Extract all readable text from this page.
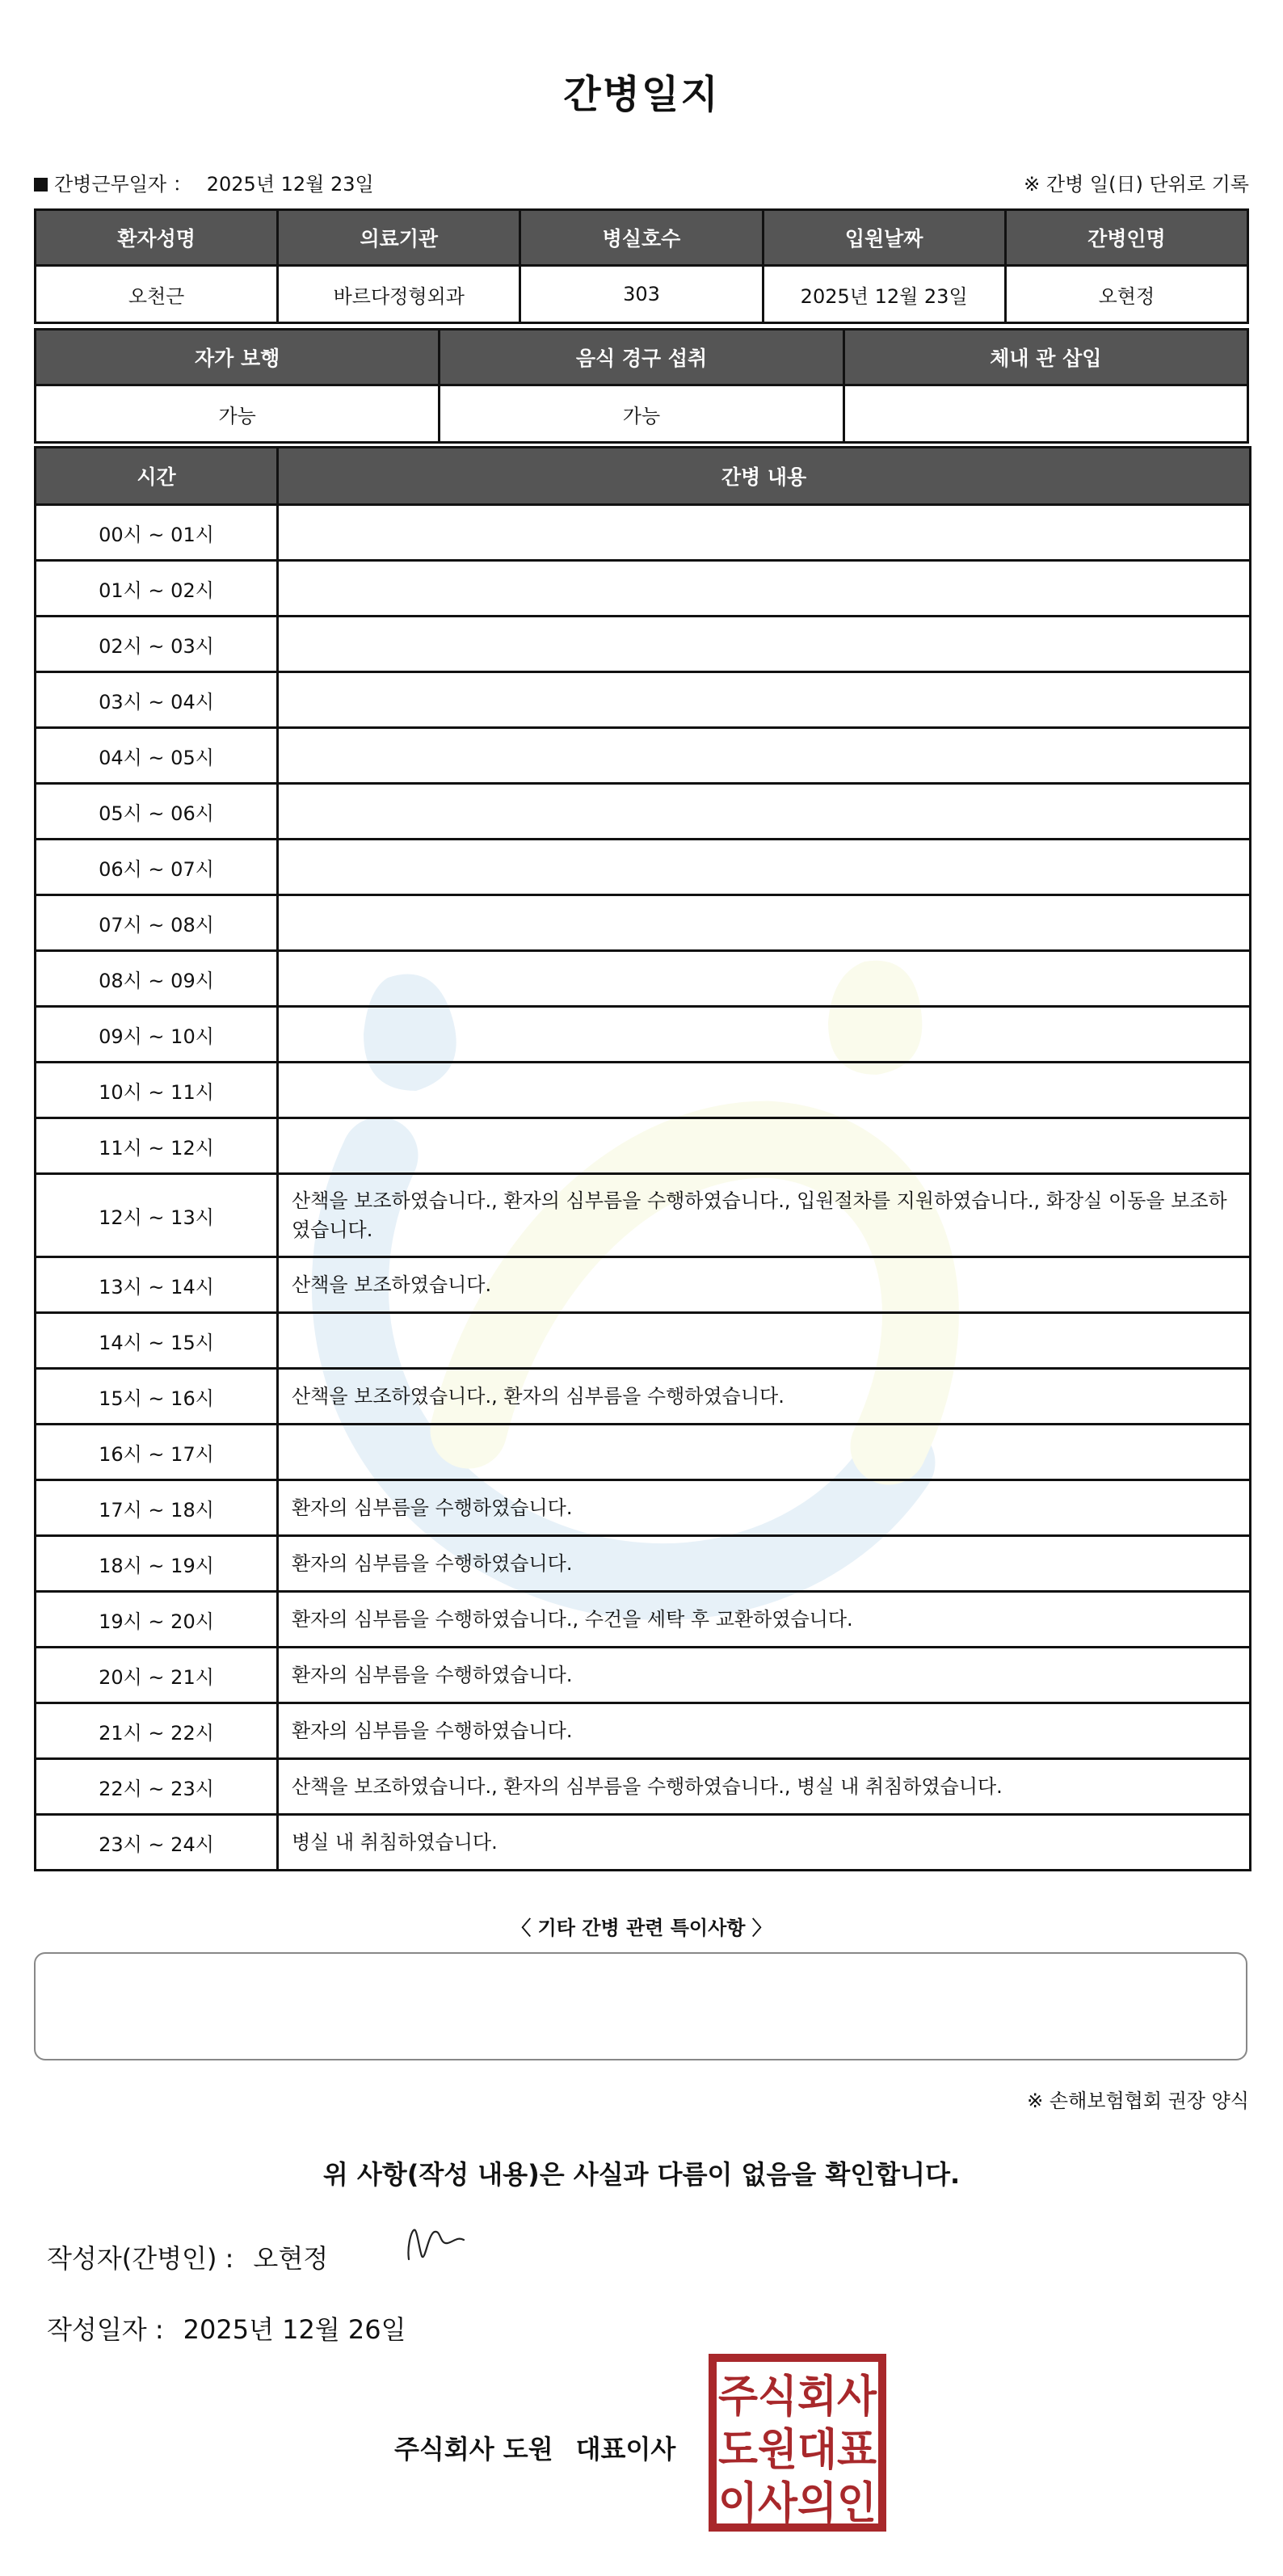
간병일지
간병근무일자 ： 2025년 12월 23일	※ 간병 일(日) 단위로 기록
환자성명	의료기관	병실호수	입원날짜	간병인명
오천근	바르다정형외과	303	2025년 12월 23일	오현정
자가 보행	음식 경구 섭취	체내 관 삽입
가능	가능	
시간	간병 내용
00시 ~ 01시	
01시 ~ 02시	
02시 ~ 03시	
03시 ~ 04시	
04시 ~ 05시	
05시 ~ 06시	
06시 ~ 07시	
07시 ~ 08시	
08시 ~ 09시	
09시 ~ 10시	
10시 ~ 11시	
11시 ~ 12시	
12시 ~ 13시	산책을 보조하였습니다., 환자의 심부름을 수행하였습니다., 입원절차를 지원하였습니다., 화장실 이동을 보조하였습니다.
13시 ~ 14시	산책을 보조하였습니다.
14시 ~ 15시	
15시 ~ 16시	산책을 보조하였습니다., 환자의 심부름을 수행하였습니다.
16시 ~ 17시	
17시 ~ 18시	환자의 심부름을 수행하였습니다.
18시 ~ 19시	환자의 심부름을 수행하였습니다.
19시 ~ 20시	환자의 심부름을 수행하였습니다., 수건을 세탁 후 교환하였습니다.
20시 ~ 21시	환자의 심부름을 수행하였습니다.
21시 ~ 22시	환자의 심부름을 수행하였습니다.
22시 ~ 23시	산책을 보조하였습니다., 환자의 심부름을 수행하였습니다., 병실 내 취침하였습니다.
23시 ~ 24시	병실 내 취침하였습니다.
〈 기타 간병 관련 특이사항 〉
※ 손해보험협회 권장 양식
위 사항(작성 내용)은 사실과 다름이 없음을 확인합니다.
작성자(간병인) : 오현정
작성일자 : 2025년 12월 26일
주식회사 도원 대표이사
주식회사
도원대표
이사의인
